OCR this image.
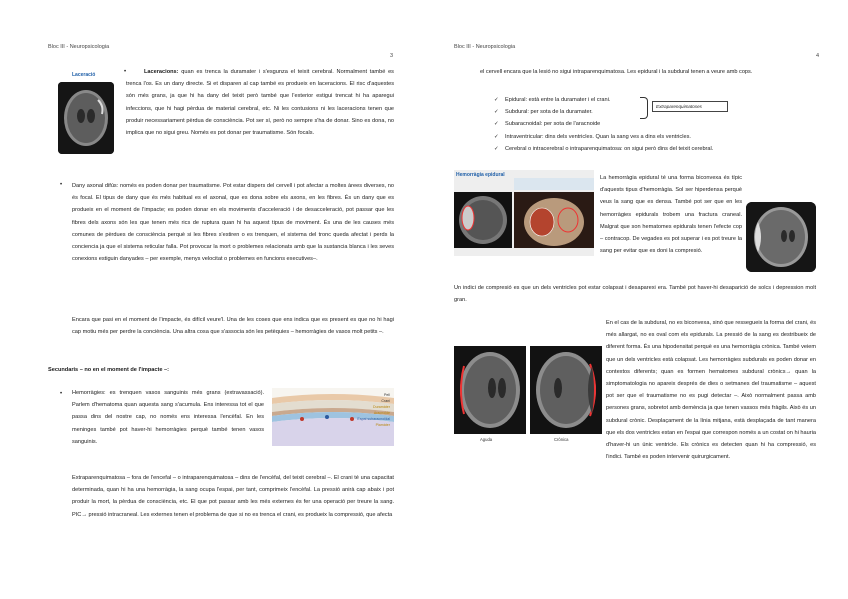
Bloc III - Neuropsicologia
3
Laceració	•	Laceracions: quan es trenca la duramater i s'esgunza el teixit cerebral. Normalment també es trenca l'os. Es un dany directe. Si et disparen al cap també es produeix en laceracions. El risc d'aquestes són més grans, ja que hi ha dany del teixit però també que l'exterior estigui trencat hi ha aparegui infeccions, que hi hagi pèrdua de material cerebral, etc. Ni les contusions ni les laceracions tenen que produir necessariament pèrdua de consciència. Pot ser sí, però no sempre s'ha de donar. Sino es dona, no implica que no sigui greu. Només es pot donar per traumatisme. Són focals.
• Dany axonal difús: només es poden donar per traumatisme. Pot estar dispers del cervell i pot afectar a moltes àrees diverses, no és focal. El tipus de dany que és més habitual es el axonal, que es dona sobre els axons, en les fibres. És un dany que es produeix en el moment de l'impacte; es poden donar en els moviments d'acceleració i de desacceleració, pot passar que les fibres dels axons són les que tenen més rics de ruptura quan hi ha aquest tipus de moviment. És una de les causes més comunes de pèrdues de consciència perquè si les fibres s'estiren o es trenquen, el sistema del tronc queda afectat i perds la conciencia ja que el sistema reticular falla. Pot provocar la mort o problemes relacionats amb que la sustancia blanca i les seves conexions estiguin danyades – per exemple, menys velocitat o problemes en funcions executives–.
Encara que pasi en el moment de l'impacte, és difícil veure'l. Una de les coses que ens indica que es present es que no hi hagi cap motiu més per perdre la conciència. Una altra cosa que s'associa són les petèquies – hemorràgies de vasos molt petits –.
Secundaris – no en el moment de l'impacte –:
• Hemorràgies: es trenquen vasos sanguinis més grans (extravassació). Parlem d'hematoma quan aquesta sang s'acumula. Ens interessa tot el que passa dins del nostre cap, no només ens interessa l'encèfal. En les meninges també pot haver-hi hemorràgies perquè també tenen vasos sanguinis.
Pell
Crani
Duramàter
Aracnoide
Espai subaracnoïdal
Piamàter
Extraparenquimatosa – fora de l'encefal – o intraparenquimatosa – dins de l'encèfal, del teixit cerebral –. El crani té una capacitat determinada, quan hi ha una hemorràgia, la sang ocupa l'espai, per tant, comprimeix l'encèfal. La pressió anirà cap abaix i pot produir la mort, la pèrdua de consciència, etc. El que pot passar amb les més externes és fer una operació per treure la sang. PIC→ pressió intracraneal. Les externes tenen el problema de que si no es trenca el crani, es produeix la compressió, que afecta
Bloc III - Neuropsicologia
4
el cervell encara que la lesió no sigui intraparenquimatosa. Les epidural i la subdural tenen a veure amb cops.
✓ Epidural: està entre la duramater i el crani.
✓ Subdural: per sota de la duramater.
✓ Subaracnoidal: per sota de l'aracnoide
✓ Intraventricular: dins dels ventricles. Quan la sang ves a dins els ventricles.
✓ Cerebral o intracerebral o intraparenquimatosa: on sigui però dins del teixit cerebral.
Extraparenquimatoses
Hemorràgia epidural	La hemorràgia epidural té una forma biconvexa és típic d'aquests tipus d'hemorràgia. Sol ser hiperdensa perquè veus la sang que es densa. També pot ser que en les hemorràgies epidurals trobem una fractura craneal. Malgrat que son hematomes epidurals tenen l'efecte cop – contracop. De vegades es pot superar i es pot treure la sang per evitar que es doni la compresió.
Un indici de compresió es que un dels ventricles pot estar colapsat i desaparexi era. També pot haver-hi desaparició de solcs i depression molt gran.
Aguda	Crònica
En el cas de la subdural, no es biconvexa, sinó que ressegueix la forma del crani, és més allargat, no es oval com els epidurals. La pressió de la sang es destribueix de diferent forma. És una hipodensitat perquè es una hemorràgia crònica. També veiem que un dels ventricles està colapsat. Les hemorràgies subdurals es poden donar en contextos diferents; quan es formen hematomes subdural crònics→ quan la simptomatologia no apareix després de dies o setmanes del traumatisme – aquest pot ser que el traumatisme no es pugi detectar –. Això normalment passa amb persones grans, sobretot amb demència ja que tenen vassos més fràgils. Això és un subdural crònic. Desplaçament de la línia mitjana, està desplaçada de tant manera que els dos ventricles estan en l'espai que correspon només a un costat on hi hauria d'haver-hi un únic ventricle. Els crònics es detecten quan hi ha compressió, es l'indici. També es poden intervenir quirurgicament.
